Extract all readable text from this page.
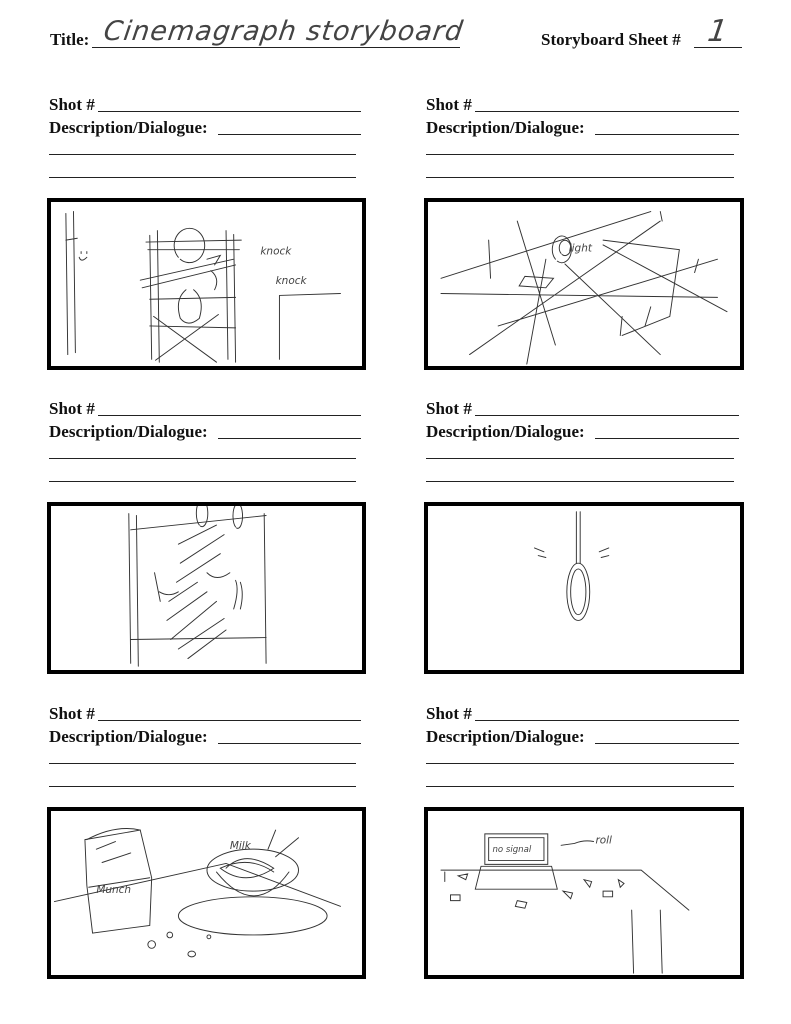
Title: Cinemagraph storyboard	Storyboard Sheet # 1
Shot #
Description/Dialogue:
knock
knock
Shot #
Description/Dialogue:
light
Shot #
Description/Dialogue:
Shot #
Description/Dialogue:
Shot #
Description/Dialogue:
Munch
Milk
Shot #
Description/Dialogue:
no signal
roll
